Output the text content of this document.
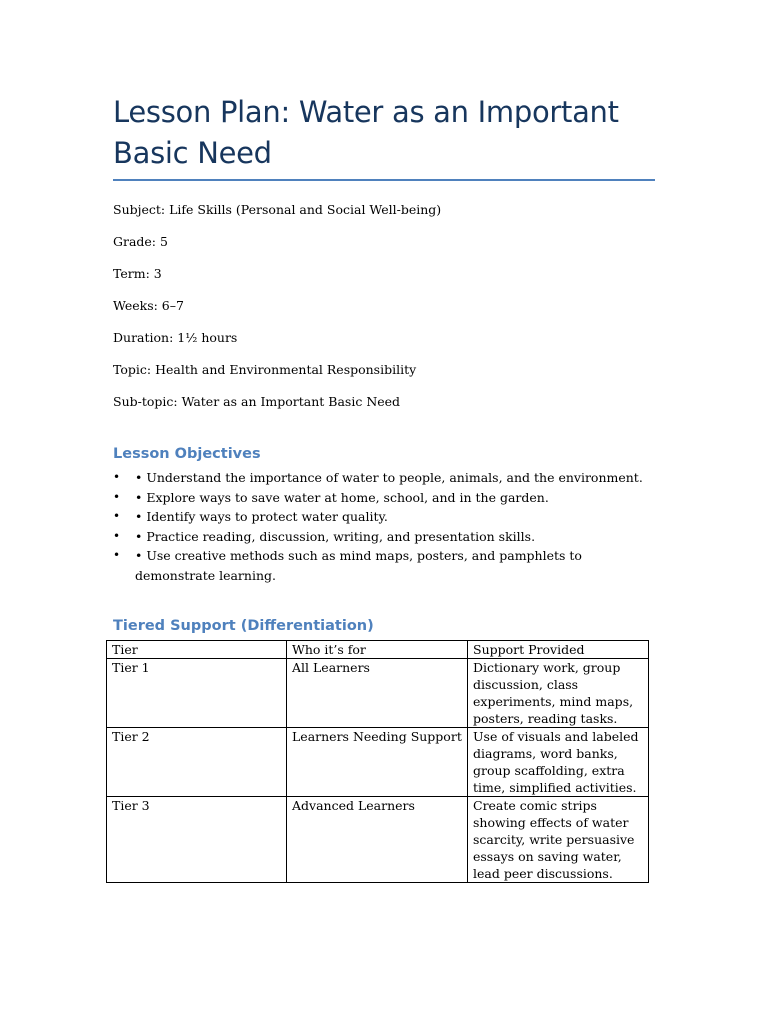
Lesson Plan: Water as an Important Basic Need

Subject: Life Skills (Personal and Social Well-being)

Grade: 5

Term: 3

Weeks: 6–7

Duration: 1½ hours

Topic: Health and Environmental Responsibility

Sub-topic: Water as an Important Basic Need

Lesson Objectives
• • Understand the importance of water to people, animals, and the environment.
• • Explore ways to save water at home, school, and in the garden.
• • Identify ways to protect water quality.
• • Practice reading, discussion, writing, and presentation skills.
• • Use creative methods such as mind maps, posters, and pamphlets to demonstrate learning.
Tiered Support (Differentiation)
Tier	Who it’s for	Support Provided
Tier 1	All Learners	Dictionary work, group discussion, class experiments, mind maps, posters, reading tasks.
Tier 2	Learners Needing Support	Use of visuals and labeled diagrams, word banks, group scaffolding, extra time, simplified activities.
Tier 3	Advanced Learners	Create comic strips showing effects of water scarcity, write persuasive essays on saving water, lead peer discussions.
